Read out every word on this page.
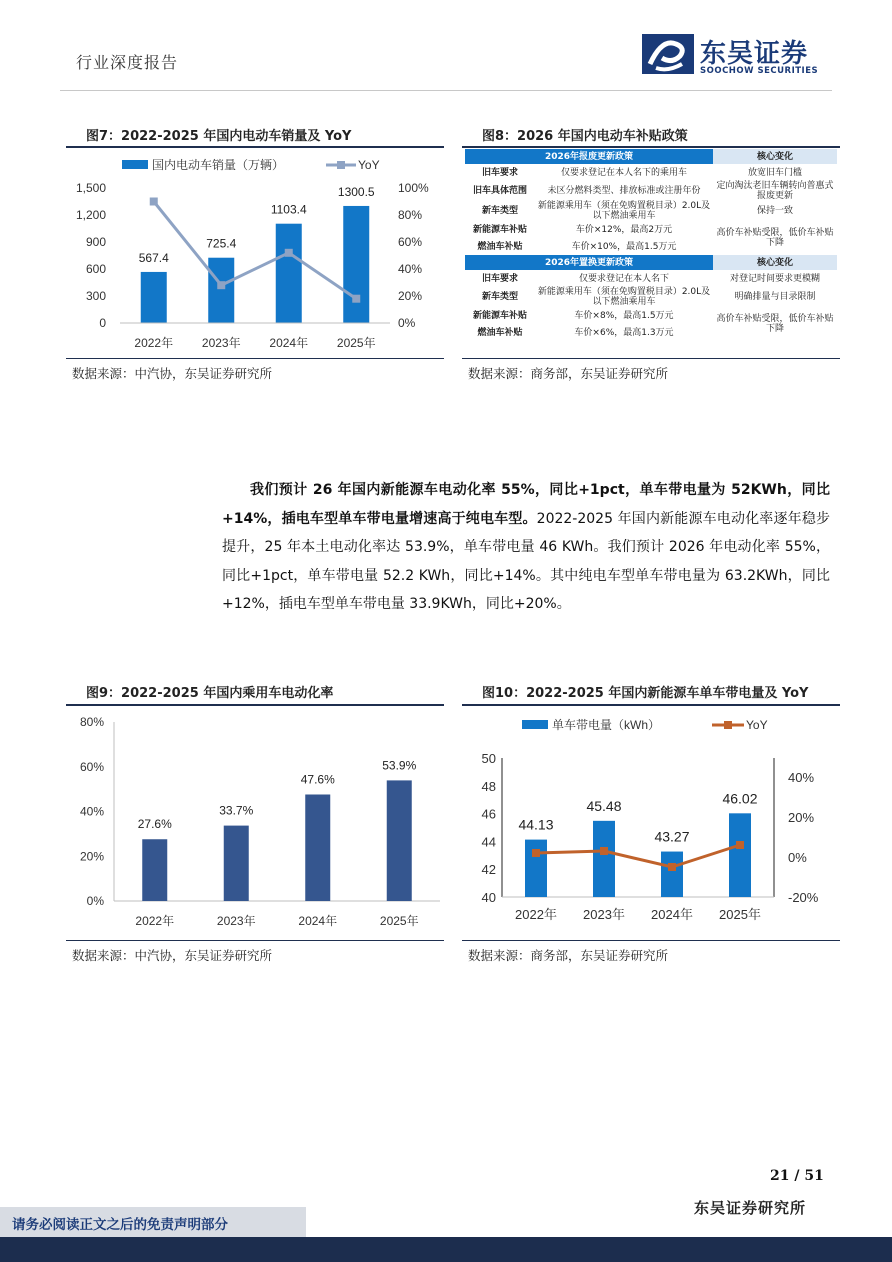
行业深度报告	东吴证券
SOOCHOW SECURITIES
图7：2022-2025 年国内电动车销量及 YoY
0
300
600
900
1,200
1,500
0%
20%
40%
60%
80%
100%
567.4
2022年
725.4
2023年
1103.4
2024年
1300.5
2025年
国内电动车销量（万辆）	YoY
数据来源：中汽协，东吴证券研究所
图8：2026 年国内电动车补贴政策
2026年报废更新政策		核心变化
旧车要求	仅要求登记在本人名下的乘用车	放宽旧车门槛
旧车具体范围	未区分燃料类型、排放标准或注册年份	定向淘汰老旧车辆转向普惠式报废更新
新车类型	新能源乘用车（须在免购置税目录）2.0L及以下燃油乘用车	保持一致
新能源车补贴	车价×12%，最高2万元	高价车补贴受限，低价车补贴下降
燃油车补贴	车价×10%，最高1.5万元	
2026年置换更新政策		核心变化
旧车要求	仅要求登记在本人名下	对登记时间要求更模糊
新车类型	新能源乘用车（须在免购置税目录）2.0L及以下燃油乘用车	明确排量与目录限制
新能源车补贴	车价×8%，最高1.5万元	高价车补贴受限，低价车补贴下降
燃油车补贴	车价×6%，最高1.3万元	
数据来源：商务部，东吴证券研究所

我们预计 26 年国内新能源车电动化率 55%，同比+1pct，单车带电量为 52KWh，同比+14%，插电车型单车带电量增速高于纯电车型。2022-2025 年国内新能源车电动化率逐年稳步提升，25 年本土电动化率达 53.9%，单车带电量 46 KWh。我们预计 2026 年电动化率 55%，同比+1pct，单车带电量 52.2 KWh，同比+14%。其中纯电车型单车带电量为 63.2KWh，同比+12%，插电车型单车带电量 33.9KWh，同比+20%。

图9：2022-2025 年国内乘用车电动化率
0%
20%
40%
60%
80%
27.6%
2022年
33.7%
2023年
47.6%
2024年
53.9%
2025年
数据来源：中汽协，东吴证券研究所
图10：2022-2025 年国内新能源车单车带电量及 YoY
40
42
44
46
48
50
-20%
0%
20%
40%
44.13
2022年
45.48
2023年
43.27
2024年
46.02
2025年
单车带电量（kWh）	YoY
数据来源：商务部，东吴证券研究所
21 / 51
东吴证券研究所
请务必阅读正文之后的免责声明部分
